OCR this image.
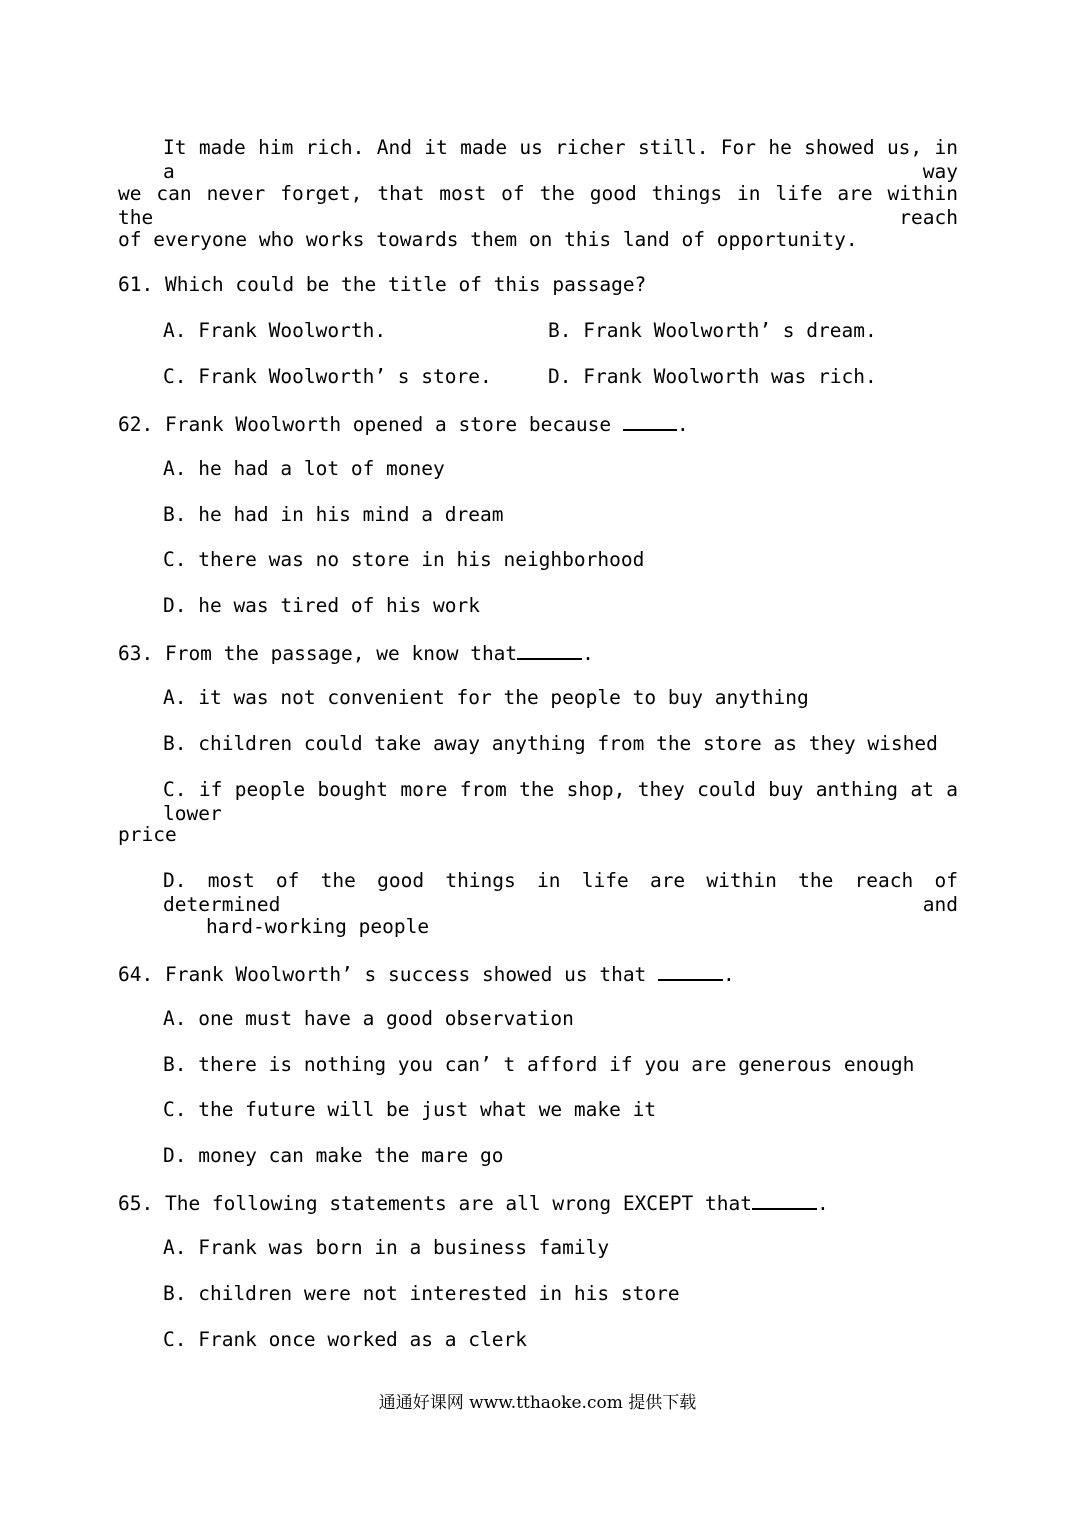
It made him rich. And it made us richer still. For he showed us, in a way
we can never forget, that most of the good things in life are within the reach
of everyone who works towards them on this land of opportunity.
61. Which could be the title of this passage?
A. Frank Woolworth.	B. Frank Woolworth’ s dream.
C. Frank Woolworth’ s store.	D. Frank Woolworth was rich.
62. Frank Woolworth opened a store because	.
A. he had a lot of money
B. he had in his mind a dream
C. there was no store in his neighborhood
D. he was tired of his work
63. From the passage, we know that	.
A. it was not convenient for the people to buy anything
B. children could take away anything from the store as they wished
C. if people bought more from the shop, they could buy anthing at a lower
price
D. most of the good things in life are within the reach of determined and
hard-working people
64. Frank Woolworth’ s success showed us that	.
A. one must have a good observation
B. there is nothing you can’ t afford if you are generous enough
C. the future will be just what we make it
D. money can make the mare go
65. The following statements are all wrong EXCEPT that	.
A. Frank was born in a business family
B. children were not interested in his store
C. Frank once worked as a clerk
通通好课网 www.tthaoke.com 提供下载
